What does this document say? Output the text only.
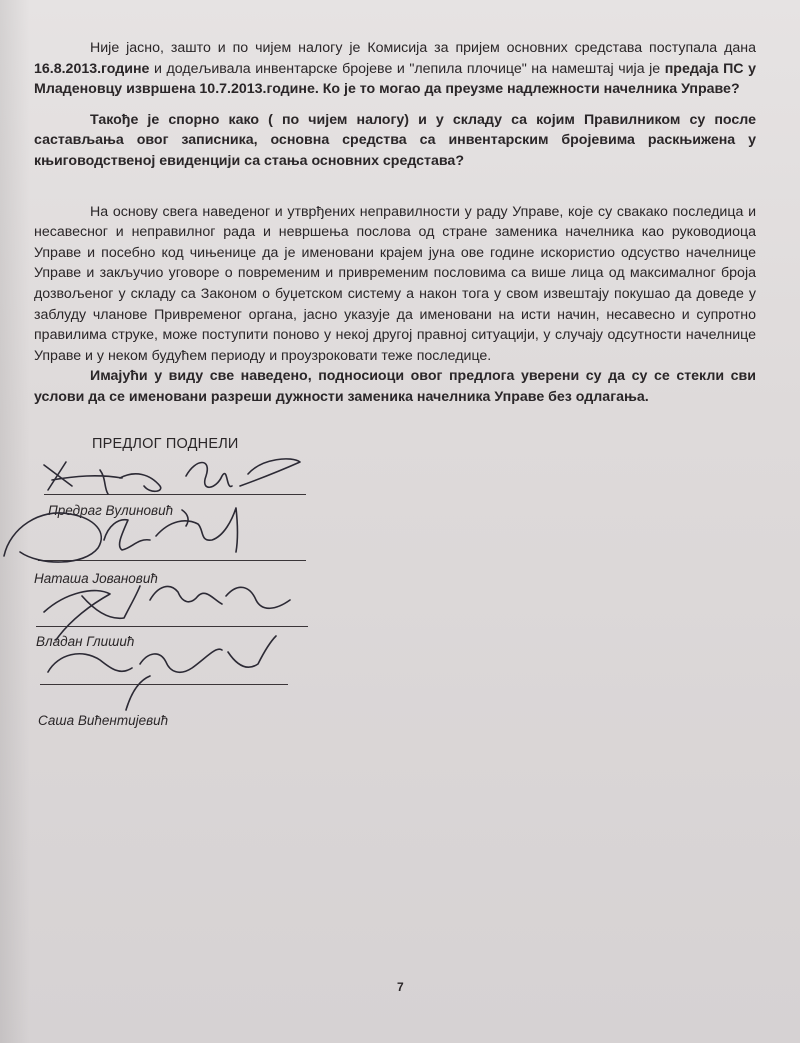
Није јасно, зашто и по чијем налогу је Комисија за пријем основних средстава поступала дана 16.8.2013.године и додељивала инвентарске бројеве и "лепила плочице" на намештај чија је предаја ПС у Младеновцу извршена 10.7.2013.године. Ко је то могао да преузме надлежности начелника Управе?

Такође је спорно како ( по чијем налогу) и у складу са којим Правилником су после састављања овог записника, основна средства са инвентарским бројевима раскњижена у књиговодственој евиденцији са стања основних средстава?

На основу свега наведеног и утврђених неправилности у раду Управе, које су свакако последица и несавесног и неправилног рада и невршења послова од стране заменика начелника као руководиоца Управе и посебно код чињенице да је именовани крајем јуна ове године искористио одсуство начелнице Управе и закључио уговоре о повременим и привременим пословима са више лица од максималног броја дозвољеног у складу са Законом о буџетском систему а након тога у свом извештају покушао да доведе у заблуду чланове Привременог органа, јасно указује да именовани на исти начин, несавесно и супротно правилима струке, може поступити поново у некој другој правној ситуацији, у случају одсутности начелнице Управе и у неком будућем периоду и проузроковати теже последице.

Имајући у виду све наведено, подносиоци овог предлога уверени су да су се стекли сви услови да се именовани разреши дужности заменика начелника Управе без одлагања.

ПРЕДЛОГ ПОДНЕЛИ
Предраг Вулиновић
Наташа Јовановић
Владан Глишић
Саша Вићентијевић
7
